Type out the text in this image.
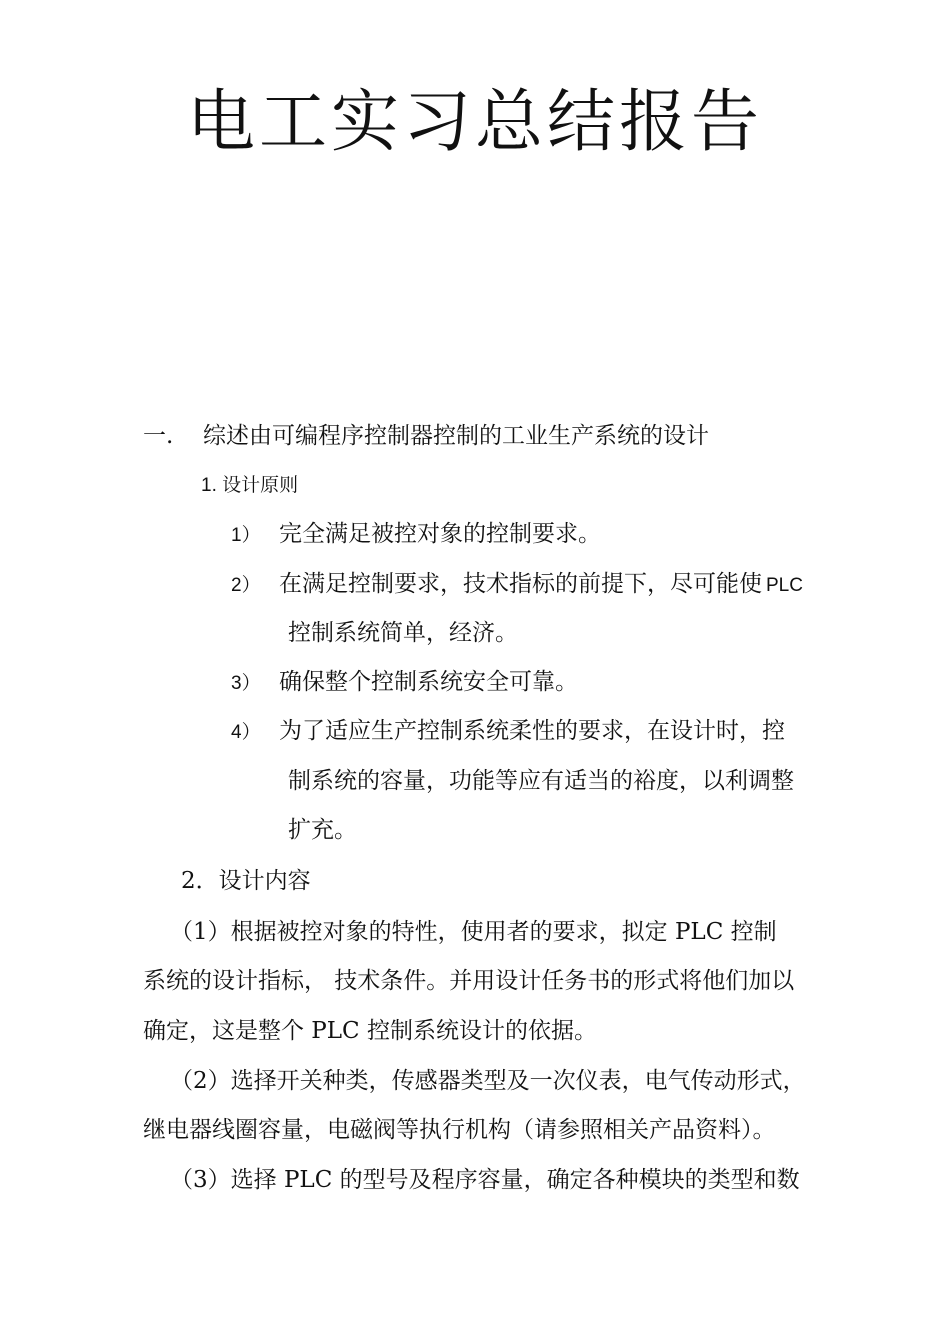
电工实习总结报告
一. 综述由可编程序控制器控制的工业生产系统的设计
1. 设计原则
1） 完全满足被控对象的控制要求。
2） 在满足控制要求，技术指标的前提下，尽可能使 PLC
控制系统简单，经济。
3） 确保整个控制系统安全可靠。
4） 为了适应生产控制系统柔性的要求，在设计时，控
制系统的容量，功能等应有适当的裕度，以利调整
扩充。
2．设计内容
（1）根据被控对象的特性，使用者的要求，拟定 PLC 控制
系统的设计指标， 技术条件。并用设计任务书的形式将他们加以
确定，这是整个 PLC 控制系统设计的依据。
（2）选择开关种类，传感器类型及一次仪表，电气传动形式，
继电器线圈容量，电磁阀等执行机构（请参照相关产品资料）。
（3）选择 PLC 的型号及程序容量，确定各种模块的类型和数
